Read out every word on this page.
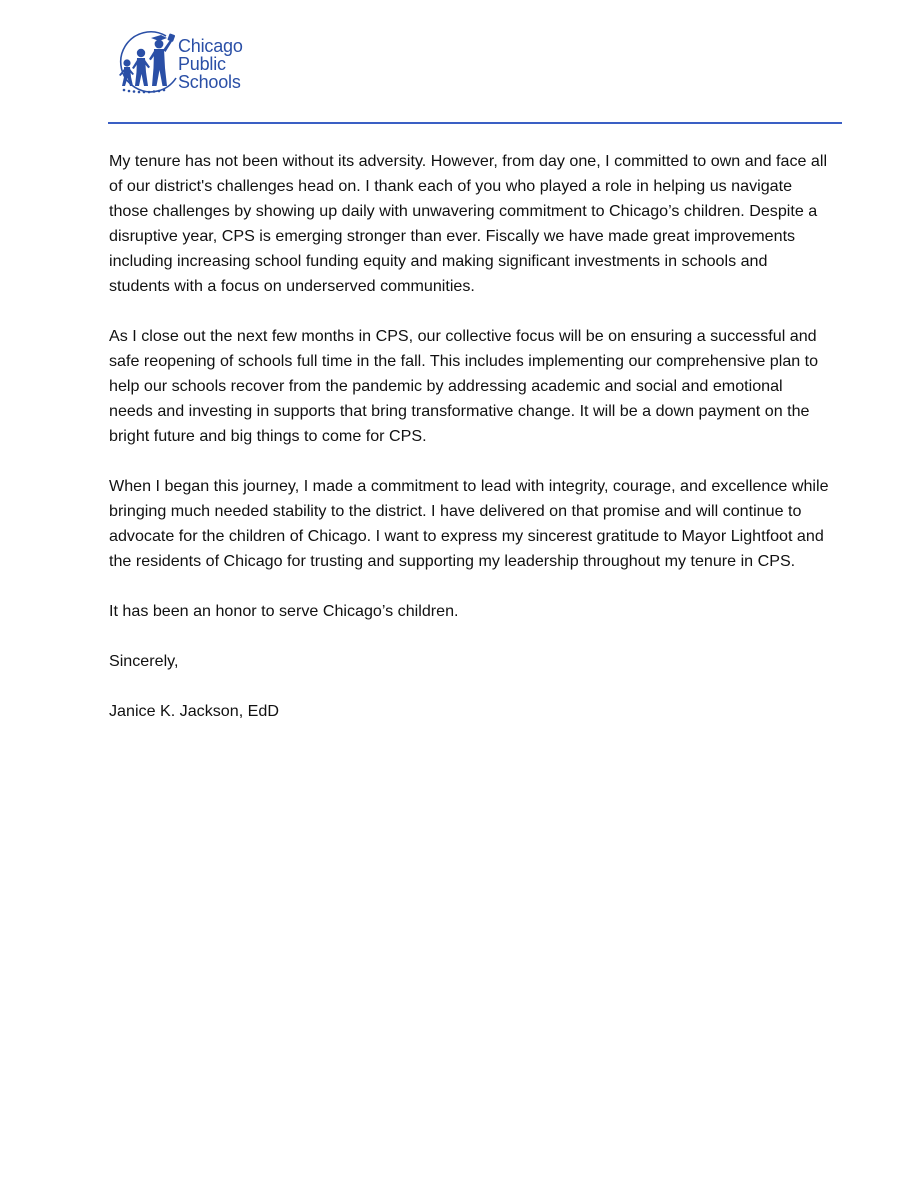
Chicago
Public
Schools

My tenure has not been without its adversity. However, from day one, I committed to own and face all of our district's challenges head on. I thank each of you who played a role in helping us navigate those challenges by showing up daily with unwavering commitment to Chicago’s children. Despite a disruptive year, CPS is emerging stronger than ever. Fiscally we have made great improvements including increasing school funding equity and making significant investments in schools and students with a focus on underserved communities.

As I close out the next few months in CPS, our collective focus will be on ensuring a successful and safe reopening of schools full time in the fall. This includes implementing our comprehensive plan to help our schools recover from the pandemic by addressing academic and social and emotional needs and investing in supports that bring transformative change. It will be a down payment on the bright future and big things to come for CPS.

When I began this journey, I made a commitment to lead with integrity, courage, and excellence while bringing much needed stability to the district. I have delivered on that promise and will continue to advocate for the children of Chicago. I want to express my sincerest gratitude to Mayor Lightfoot and the residents of Chicago for trusting and supporting my leadership throughout my tenure in CPS.

It has been an honor to serve Chicago’s children.

Sincerely,

Janice K. Jackson, EdD
